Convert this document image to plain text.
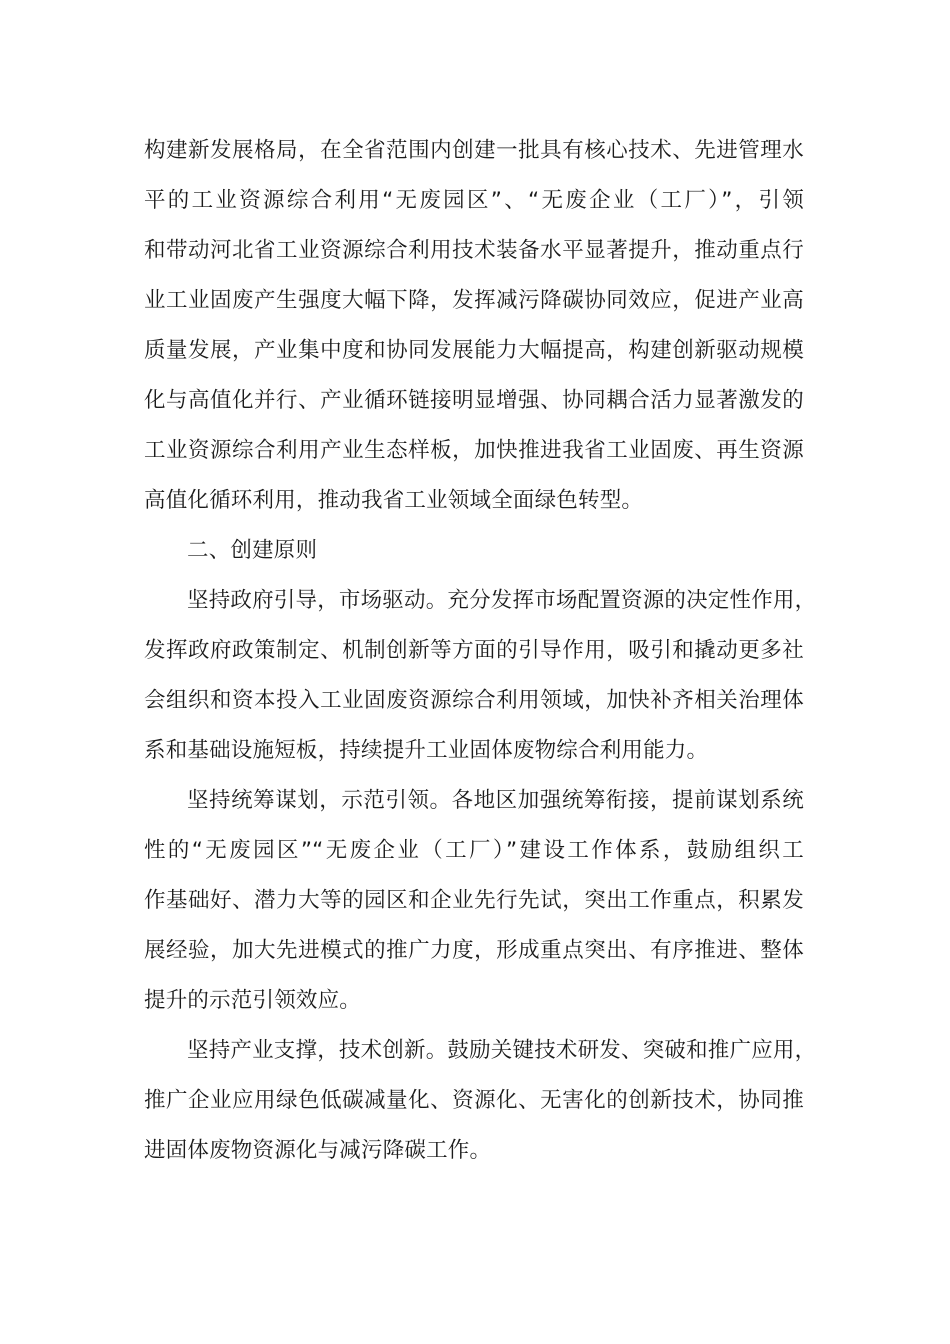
构建新发展格局，在全省范围内创建一批具有核心技术、先进管理水
平的工业资源综合利用“无废园区”、“无废企业（工厂）”，引领
和带动河北省工业资源综合利用技术装备水平显著提升，推动重点行
业工业固废产生强度大幅下降，发挥减污降碳协同效应，促进产业高
质量发展，产业集中度和协同发展能力大幅提高，构建创新驱动规模
化与高值化并行、产业循环链接明显增强、协同耦合活力显著激发的
工业资源综合利用产业生态样板，加快推进我省工业固废、再生资源
高值化循环利用，推动我省工业领域全面绿色转型。
二、创建原则
坚持政府引导，市场驱动。充分发挥市场配置资源的决定性作用，
发挥政府政策制定、机制创新等方面的引导作用，吸引和撬动更多社
会组织和资本投入工业固废资源综合利用领域，加快补齐相关治理体
系和基础设施短板，持续提升工业固体废物综合利用能力。
坚持统筹谋划，示范引领。各地区加强统筹衔接，提前谋划系统
性的“无废园区”“无废企业（工厂）”建设工作体系，鼓励组织工
作基础好、潜力大等的园区和企业先行先试，突出工作重点，积累发
展经验，加大先进模式的推广力度，形成重点突出、有序推进、整体
提升的示范引领效应。
坚持产业支撑，技术创新。鼓励关键技术研发、突破和推广应用，
推广企业应用绿色低碳减量化、资源化、无害化的创新技术，协同推
进固体废物资源化与减污降碳工作。
